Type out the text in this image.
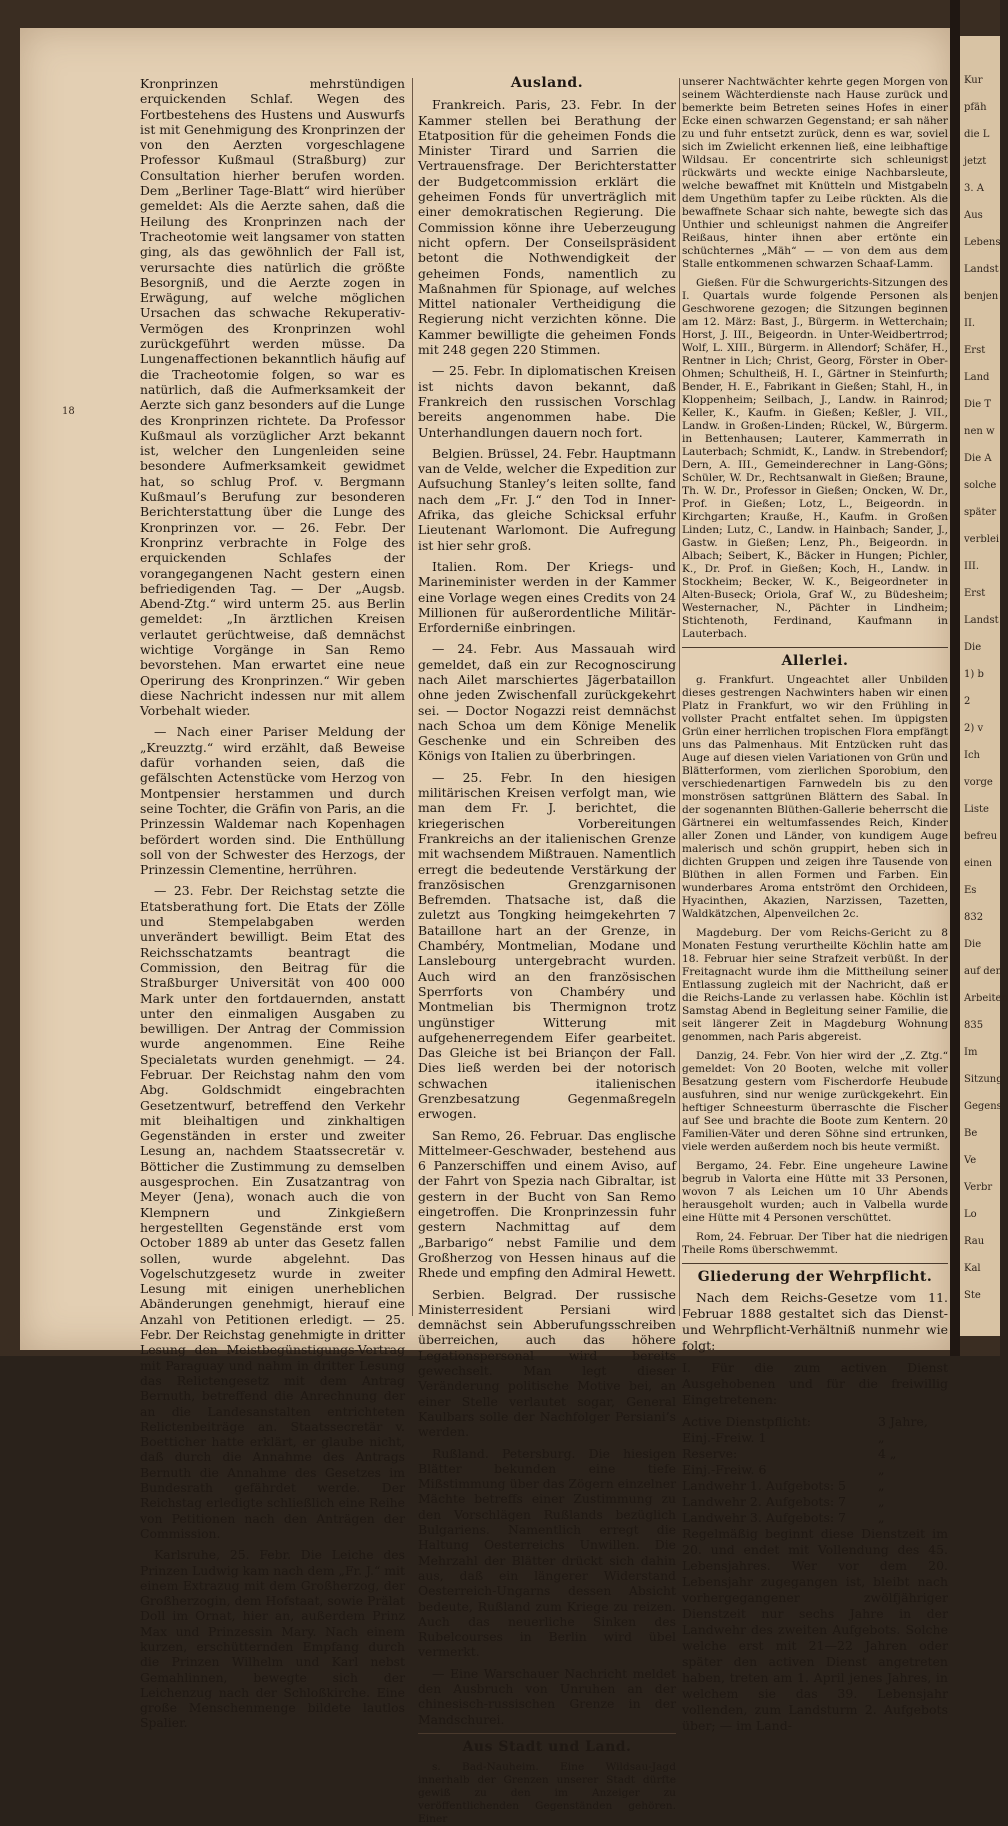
Kur
pfäh
die L
jetzt
3. A
Aus
Lebens
Landst
benjen
II.
Erst
Land
Die T
nen w
Die A
solche
später
verblei
III.
Erst
Landst
Die
1) b
2
2) v
Ich
vorge
Liste
befreu
einen
Es
832
Die
auf den
Arbeiten
835
Im
Sitzung
Gegens
Be
Ve
Verbr
Lo
Rau
Kal
Ste
18

Kronprinzen mehrstündigen erquickenden Schlaf. Wegen des Fortbestehens des Hustens und Auswurfs ist mit Genehmigung des Kronprinzen der von den Aerzten vorgeschlagene Professor Kußmaul (Straßburg) zur Consultation hierher berufen worden. Dem „Berliner Tage-Blatt“ wird hierüber gemeldet: Als die Aerzte sahen, daß die Heilung des Kronprinzen nach der Tracheotomie weit langsamer von statten ging, als das gewöhnlich der Fall ist, verursachte dies natürlich die größte Besorgniß, und die Aerzte zogen in Erwägung, auf welche möglichen Ursachen das schwache Rekuperativ-Vermögen des Kronprinzen wohl zurückgeführt werden müsse. Da Lungenaffectionen bekanntlich häufig auf die Tracheotomie folgen, so war es natürlich, daß die Aufmerksamkeit der Aerzte sich ganz besonders auf die Lunge des Kronprinzen richtete. Da Professor Kußmaul als vorzüglicher Arzt bekannt ist, welcher den Lungenleiden seine besondere Aufmerksamkeit gewidmet hat, so schlug Prof. v. Bergmann Kußmaul’s Berufung zur besonderen Berichterstattung über die Lunge des Kronprinzen vor. — 26. Febr. Der Kronprinz verbrachte in Folge des erquickenden Schlafes der vorangegangenen Nacht gestern einen befriedigenden Tag. — Der „Augsb. Abend-Ztg.“ wird unterm 25. aus Berlin gemeldet: „In ärztlichen Kreisen verlautet gerüchtweise, daß demnächst wichtige Vorgänge in San Remo bevorstehen. Man erwartet eine neue Operirung des Kronprinzen.“ Wir geben diese Nachricht indessen nur mit allem Vorbehalt wieder.

— Nach einer Pariser Meldung der „Kreuzztg.“ wird erzählt, daß Beweise dafür vorhanden seien, daß die gefälschten Actenstücke vom Herzog von Montpensier herstammen und durch seine Tochter, die Gräfin von Paris, an die Prinzessin Waldemar nach Kopenhagen befördert worden sind. Die Enthüllung soll von der Schwester des Herzogs, der Prinzessin Clementine, herrühren.

— 23. Febr. Der Reichstag setzte die Etatsberathung fort. Die Etats der Zölle und Stempelabgaben werden unverändert bewilligt. Beim Etat des Reichsschatzamts beantragt die Commission, den Beitrag für die Straßburger Universität von 400 000 Mark unter den fortdauernden, anstatt unter den einmaligen Ausgaben zu bewilligen. Der Antrag der Commission wurde angenommen. Eine Reihe Specialetats wurden genehmigt. — 24. Februar. Der Reichstag nahm den vom Abg. Goldschmidt eingebrachten Gesetzentwurf, betreffend den Verkehr mit bleihaltigen und zinkhaltigen Gegenständen in erster und zweiter Lesung an, nachdem Staatssecretär v. Bötticher die Zustimmung zu demselben ausgesprochen. Ein Zusatzantrag von Meyer (Jena), wonach auch die von Klempnern und Zinkgießern hergestellten Gegenstände erst vom October 1889 ab unter das Gesetz fallen sollen, wurde abgelehnt. Das Vogelschutzgesetz wurde in zweiter Lesung mit einigen unerheblichen Abänderungen genehmigt, hierauf eine Anzahl von Petitionen erledigt. — 25. Febr. Der Reichstag genehmigte in dritter Lesung den Meistbegünstigungs-Vertrag mit Paraguay und nahm in dritter Lesung das Relictengesetz mit dem Antrag Bernuth, betreffend die Anrechnung der an die Landesanstalten entrichteten Relictenbeiträge an. Staatssecretär v. Boetticher hatte erklärt, er glaube nicht, daß durch die Annahme des Antrags Bernuth die Annahme des Gesetzes im Bundesrath gefährdet werde. Der Reichstag erledigte schließlich eine Reihe von Petitionen nach den Anträgen der Commission.

Karlsruhe, 25. Febr. Die Leiche des Prinzen Ludwig kam nach dem „Fr. J.“ mit einem Extrazug mit dem Großherzog, der Großherzogin, dem Hofstaat, sowie Prälat Doll im Ornat, hier an, außerdem Prinz Max und Prinzessin Mary. Nach einem kurzen, erschütternden Empfang durch die Prinzen Wilhelm und Karl nebst Gemahlinnen, bewegte sich der Leichenzug nach der Schloßkirche. Eine große Menschenmenge bildete lautlos Spalier.

Ausland.

Frankreich. Paris, 23. Febr. In der Kammer stellen bei Berathung der Etatposition für die geheimen Fonds die Minister Tirard und Sarrien die Vertrauensfrage. Der Berichterstatter der Budgetcommission erklärt die geheimen Fonds für unverträglich mit einer demokratischen Regierung. Die Commission könne ihre Ueberzeugung nicht opfern. Der Conseilspräsident betont die Nothwendigkeit der geheimen Fonds, namentlich zu Maßnahmen für Spionage, auf welches Mittel nationaler Vertheidigung die Regierung nicht verzichten könne. Die Kammer bewilligte die geheimen Fonds mit 248 gegen 220 Stimmen.

— 25. Febr. In diplomatischen Kreisen ist nichts davon bekannt, daß Frankreich den russischen Vorschlag bereits angenommen habe. Die Unterhandlungen dauern noch fort.

Belgien. Brüssel, 24. Febr. Hauptmann van de Velde, welcher die Expedition zur Aufsuchung Stanley’s leiten sollte, fand nach dem „Fr. J.“ den Tod in Inner-Afrika, das gleiche Schicksal erfuhr Lieutenant Warlomont. Die Aufregung ist hier sehr groß.

Italien. Rom. Der Kriegs- und Marineminister werden in der Kammer eine Vorlage wegen eines Credits von 24 Millionen für außerordentliche Militär-Erforderniße einbringen.

— 24. Febr. Aus Massauah wird gemeldet, daß ein zur Recognoscirung nach Ailet marschiertes Jägerbataillon ohne jeden Zwischenfall zurückgekehrt sei. — Doctor Nogazzi reist demnächst nach Schoa um dem Könige Menelik Geschenke und ein Schreiben des Königs von Italien zu überbringen.

— 25. Febr. In den hiesigen militärischen Kreisen verfolgt man, wie man dem Fr. J. berichtet, die kriegerischen Vorbereitungen Frankreichs an der italienischen Grenze mit wachsendem Mißtrauen. Namentlich erregt die bedeutende Verstärkung der französischen Grenzgarnisonen Befremden. Thatsache ist, daß die zuletzt aus Tongking heimgekehrten 7 Bataillone hart an der Grenze, in Chambéry, Montmelian, Modane und Lanslebourg untergebracht wurden. Auch wird an den französischen Sperrforts von Chambéry und Montmelian bis Thermignon trotz ungünstiger Witterung mit aufgehenerregendem Eifer gearbeitet. Das Gleiche ist bei Briançon der Fall. Dies ließ werden bei der notorisch schwachen italienischen Grenzbesatzung Gegenmaßregeln erwogen.

San Remo, 26. Februar. Das englische Mittelmeer-Geschwader, bestehend aus 6 Panzerschiffen und einem Aviso, auf der Fahrt von Spezia nach Gibraltar, ist gestern in der Bucht von San Remo eingetroffen. Die Kronprinzessin fuhr gestern Nachmittag auf dem „Barbarigo“ nebst Familie und dem Großherzog von Hessen hinaus auf die Rhede und empfing den Admiral Hewett.

Serbien. Belgrad. Der russische Ministerresident Persiani wird demnächst sein Abberufungsschreiben überreichen, auch das höhere Legationspersonal wird bereits gewechselt. Man legt dieser Veränderung politische Motive bei, an einer Stelle verlautet sogar, General Kaulbars solle der Nachfolger Persiani’s werden.

Rußland. Petersburg. Die hiesigen Blätter bekunden eine tiefe Mißstimmung über das Zögern einzelner Mächte betreffs einer Zustimmung zu den Vorschlägen Rußlands bezüglich Bulgariens. Namentlich erregt die Haltung Oesterreichs Unwillen. Die Mehrzahl der Blätter drückt sich dahin aus, daß ein längerer Widerstand Oesterreich-Ungarns dessen Absicht bedeute, Rußland zum Kriege zu reizen. Auch das neuerliche Sinken des Rubelcourses in Berlin wird übel vermerkt.

— Eine Warschauer Nachricht meldet den Ausbruch von Unruhen an der chinesisch-russischen Grenze in der Mandschurei.

Aus Stadt und Land.

s. Bad-Nauheim. Eine Wildsau-Jagd innerhalb der Grenzen unserer Stadt dürfte gewiß zu den im Anzeiger zu veröffentlichenden Gegenständen gehören. Einer

unserer Nachtwächter kehrte gegen Morgen von seinem Wächterdienste nach Hause zurück und bemerkte beim Betreten seines Hofes in einer Ecke einen schwarzen Gegenstand; er sah näher zu und fuhr entsetzt zurück, denn es war, soviel sich im Zwielicht erkennen ließ, eine leibhaftige Wildsau. Er concentrirte sich schleunigst rückwärts und weckte einige Nachbarsleute, welche bewaffnet mit Knütteln und Mistgabeln dem Ungethüm tapfer zu Leibe rückten. Als die bewaffnete Schaar sich nahte, bewegte sich das Unthier und schleunigst nahmen die Angreifer Reißaus, hinter ihnen aber ertönte ein schüchternes „Mäh“ — — von dem aus dem Stalle entkommenen schwarzen Schaaf-Lamm.

Gießen. Für die Schwurgerichts-Sitzungen des I. Quartals wurde folgende Personen als Geschworene gezogen; die Sitzungen beginnen am 12. März: Bast, J., Bürgerm. in Wetterchain; Horst, J. III., Beigeordn. in Unter-Weidbertrrod; Wolf, L. XIII., Bürgerm. in Allendorf; Schäfer, H., Rentner in Lich; Christ, Georg, Förster in Ober-Ohmen; Schultheiß, H. I., Gärtner in Steinfurth; Bender, H. E., Fabrikant in Gießen; Stahl, H., in Kloppenheim; Seilbach, J., Landw. in Rainrod; Keller, K., Kaufm. in Gießen; Keßler, J. VII., Landw. in Großen-Linden; Rückel, W., Bürgerm. in Bettenhausen; Lauterer, Kammerrath in Lauterbach; Schmidt, K., Landw. in Strebendorf; Dern, A. III., Gemeinderechner in Lang-Göns; Schüler, W. Dr., Rechtsanwalt in Gießen; Braune, Th. W. Dr., Professor in Gießen; Oncken, W. Dr., Prof. in Gießen; Lotz, L., Beigeordn. in Kirchgarten; Krauße, H., Kaufm. in Großen Linden; Lutz, C., Landw. in Hainbach; Sander, J., Gastw. in Gießen; Lenz, Ph., Beigeordn. in Albach; Seibert, K., Bäcker in Hungen; Pichler, K., Dr. Prof. in Gießen; Koch, H., Landw. in Stockheim; Becker, W. K., Beigeordneter in Alten-Buseck; Oriola, Graf W., zu Büdesheim; Westernacher, N., Pächter in Lindheim; Stichtenoth, Ferdinand, Kaufmann in Lauterbach.

Allerlei.

g. Frankfurt. Ungeachtet aller Unbilden dieses gestrengen Nachwinters haben wir einen Platz in Frankfurt, wo wir den Frühling in vollster Pracht entfaltet sehen. Im üppigsten Grün einer herrlichen tropischen Flora empfängt uns das Palmenhaus. Mit Entzücken ruht das Auge auf diesen vielen Variationen von Grün und Blätterformen, vom zierlichen Sporobium, den verschiedenartigen Farnwedeln bis zu den monströsen sattgrünen Blättern des Sabal. In der sogenannten Blüthen-Gallerie beherrscht die Gärtnerei ein weltumfassendes Reich, Kinder aller Zonen und Länder, von kundigem Auge malerisch und schön gruppirt, heben sich in dichten Gruppen und zeigen ihre Tausende von Blüthen in allen Formen und Farben. Ein wunderbares Aroma entströmt den Orchideen, Hyacinthen, Akazien, Narzissen, Tazetten, Waldkätzchen, Alpenveilchen 2c.

Magdeburg. Der vom Reichs-Gericht zu 8 Monaten Festung verurtheilte Köchlin hatte am 18. Februar hier seine Strafzeit verbüßt. In der Freitagnacht wurde ihm die Mittheilung seiner Entlassung zugleich mit der Nachricht, daß er die Reichs-Lande zu verlassen habe. Köchlin ist Samstag Abend in Begleitung seiner Familie, die seit längerer Zeit in Magdeburg Wohnung genommen, nach Paris abgereist.

Danzig, 24. Febr. Von hier wird der „Z. Ztg.“ gemeldet: Von 20 Booten, welche mit voller Besatzung gestern vom Fischerdorfe Heubude ausfuhren, sind nur wenige zurückgekehrt. Ein heftiger Schneesturm überraschte die Fischer auf See und brachte die Boote zum Kentern. 20 Familien-Väter und deren Söhne sind ertrunken, viele werden außerdem noch bis heute vermißt.

Bergamo, 24. Febr. Eine ungeheure Lawine begrub in Valorta eine Hütte mit 33 Personen, wovon 7 als Leichen um 10 Uhr Abends herausgeholt wurden; auch in Valbella wurde eine Hütte mit 4 Personen verschüttet.

Rom, 24. Februar. Der Tiber hat die niedrigen Theile Roms überschwemmt.

Gliederung der Wehrpflicht.

Nach dem Reichs-Gesetze vom 11. Februar 1888 gestaltet sich das Dienst- und Wehrpflicht-Verhältniß nunmehr wie folgt:

I. Für die zum activen Dienst Ausgehobenen und für die freiwillig Eingetretenen:

Active Dienstpflicht:	3 Jahre,
Einj.-Freiw. 1	„
Reserve:	4 „
Einj.-Freiw. 6	„
Landwehr 1. Aufgebots: 5	„
Landwehr 2. Aufgebots: 7	„
Landwehr 3. Aufgebots: 7	„

Regelmäßig beginnt diese Dienstzeit im 20. und endet mit Vollendung des 45. Lebensjahres. Wer vor dem 20. Lebensjahr zugegangen ist, bleibt nach vorhergegangener zwölfjähriger Dienstzeit nur sechs Jahre in der Landwehr des zweiten Aufgebots. Solche welche erst mit 21—22 Jahren oder später den activen Dienst angetreten haben, treten am 1. April jenes Jahres, in welchem sie das 39. Lebensjahr vollenden, zum Landsturm 2. Aufgebots über; — im Land-
